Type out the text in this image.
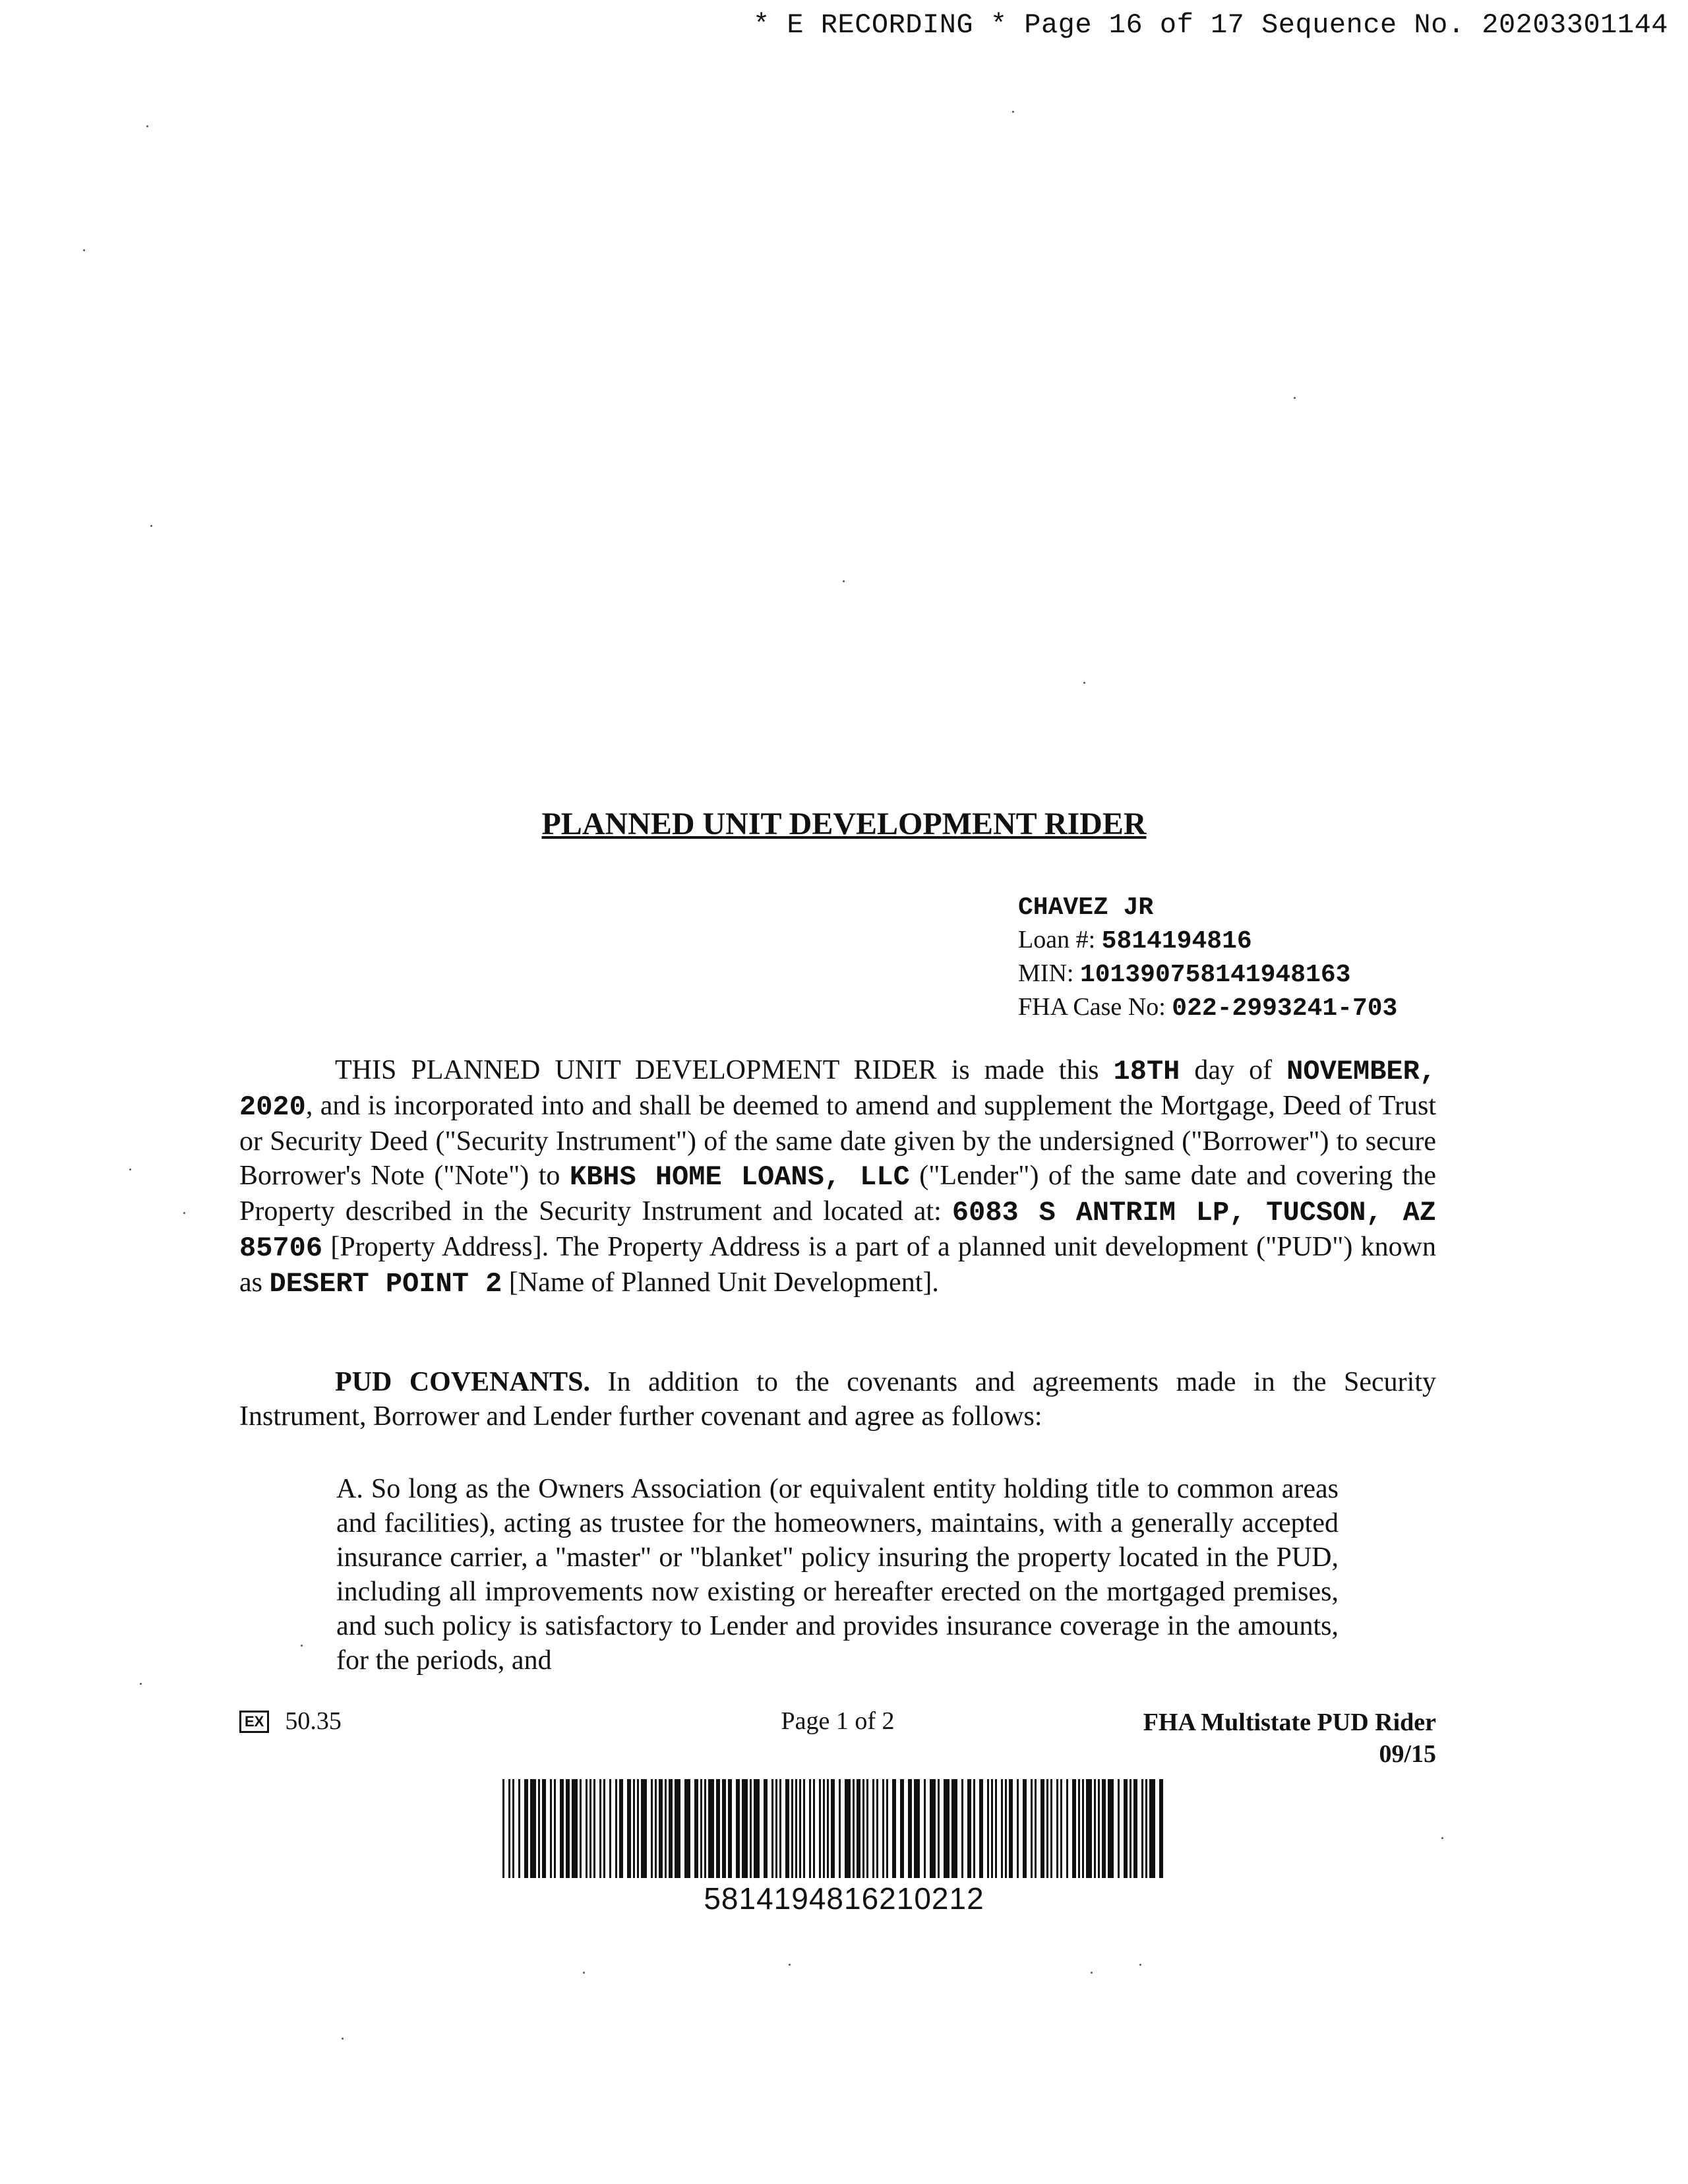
* E RECORDING * Page 16 of 17 Sequence No. 20203301144
PLANNED UNIT DEVELOPMENT RIDER
CHAVEZ JR
Loan #: 5814194816
MIN: 101390758141948163
FHA Case No: 022-2993241-703
THIS PLANNED UNIT DEVELOPMENT RIDER is made this 18TH day of NOVEMBER, 2020, and is incorporated into and shall be deemed to amend and supplement the Mortgage, Deed of Trust or Security Deed ("Security Instrument") of the same date given by the undersigned ("Borrower") to secure Borrower's Note ("Note") to KBHS HOME LOANS, LLC ("Lender") of the same date and covering the Property described in the Security Instrument and located at: 6083 S ANTRIM LP, TUCSON, AZ 85706 [Property Address]. The Property Address is a part of a planned unit development ("PUD") known as DESERT POINT 2 [Name of Planned Unit Development].
PUD COVENANTS. In addition to the covenants and agreements made in the Security Instrument, Borrower and Lender further covenant and agree as follows:
A. So long as the Owners Association (or equivalent entity holding title to common areas and facilities), acting as trustee for the homeowners, maintains, with a generally accepted insurance carrier, a "master" or "blanket" policy insuring the property located in the PUD, including all improvements now existing or hereafter erected on the mortgaged premises, and such policy is satisfactory to Lender and provides insurance coverage in the amounts, for the periods, and
EX 50.35	Page 1 of 2	FHA Multistate PUD Rider
09/15
5814194816210212
